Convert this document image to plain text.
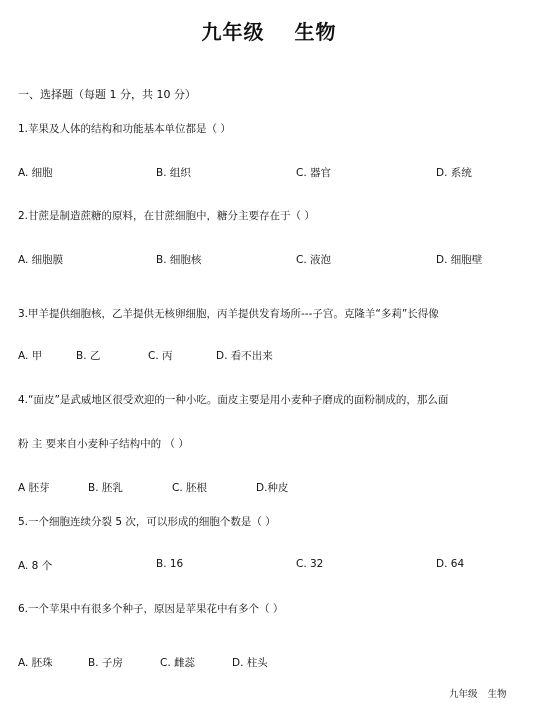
九年级 生物
一、选择题（每题 1 分，共 10 分）
1.苹果及人体的结构和功能基本单位都是（ ）
A. 细胞	B. 组织	C. 器官	D. 系统
2.甘蔗是制造蔗糖的原料，在甘蔗细胞中，糖分主要存在于（ ）
A. 细胞膜	B. 细胞核	C. 液泡	D. 细胞壁
3.甲羊提供细胞核，乙羊提供无核卵细胞，丙羊提供发育场所---子宫。克隆羊“多莉”长得像
A. 甲	B. 乙	C. 丙	D. 看不出来
4.“面皮”是武威地区很受欢迎的一种小吃。面皮主要是用小麦种子磨成的面粉制成的，那么面
粉 主 要来自小麦种子结构中的 （ ）
A 胚芽	B. 胚乳	C. 胚根	D.种皮
5.一个细胞连续分裂 5 次，可以形成的细胞个数是（ ）
A. 8 个	B. 16	C. 32	D. 64
6.一个苹果中有很多个种子，原因是苹果花中有多个（ ）
A. 胚珠	B. 子房	C. 雌蕊	D. 柱头
九年级 生物
